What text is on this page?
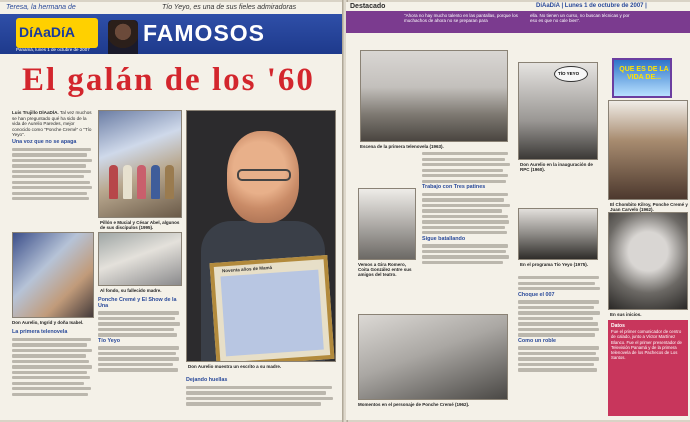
Teresa, la hermana de	Tío Yeyo, es una de sus fieles admiradoras
DíAaDíA
Panamá, lunes 1 de octubre de 2007
FAMOSOS
El galán de los '60
Luis Trujillo DÍAaDÍA. Tal vez muchos se han preguntado qué ha sido de la vida de Aurelio Paredes, mejor conocido como "Ponche Cremé" o "Tío Yeyo".
Una voz que no se apaga
Pillón e Mucial y César Abel, algunos de sus discípulos (1995).
Noventa años de Mamá
Don Aurelio muestra un escrito a su madre.
Don Aurelio, Ingrid y doña Isabel.
Al fondo, su fallecido madre.
Ponche Cremé y El Show de la Una
Tío Yeyo
La primera telenovela
Dejando huellas
Destacado	DíAaDíA | Lunes 1 de octubre de 2007 |
"Ahora no hay mucho talento en las pantallas, porque los muchachos de ahora no se preparan para
ella. No tienen un curso, no buscan técnicas y por eso es que no cale bien".
Escena de la primera telenovela (1963).
TÍO YEYO
Don Aurelio en la inauguración de RPC (1960).
QUE ES DE LA VIDA DE...
El Chombito Kilroy, Ponche Cremé y Juan Carvelo (1962).
Vemos a Gira Romero, Coita González entre sus amigos del teatro.
Trabajo con Tres patines
Sigue batallando
En el programa Tío Yeyo (1975).
En sus inicios.
Choque el 007
Como un roble
Momentos en el personaje de Ponche Cremé (1962).
Datos
Fue el primer comunicador de centro de calado, junto a Víctor Martínez Blanco. Fue el primer presentador de Televisión Panamá y de la primera telenovela de los Pachecos de Los Santos.
